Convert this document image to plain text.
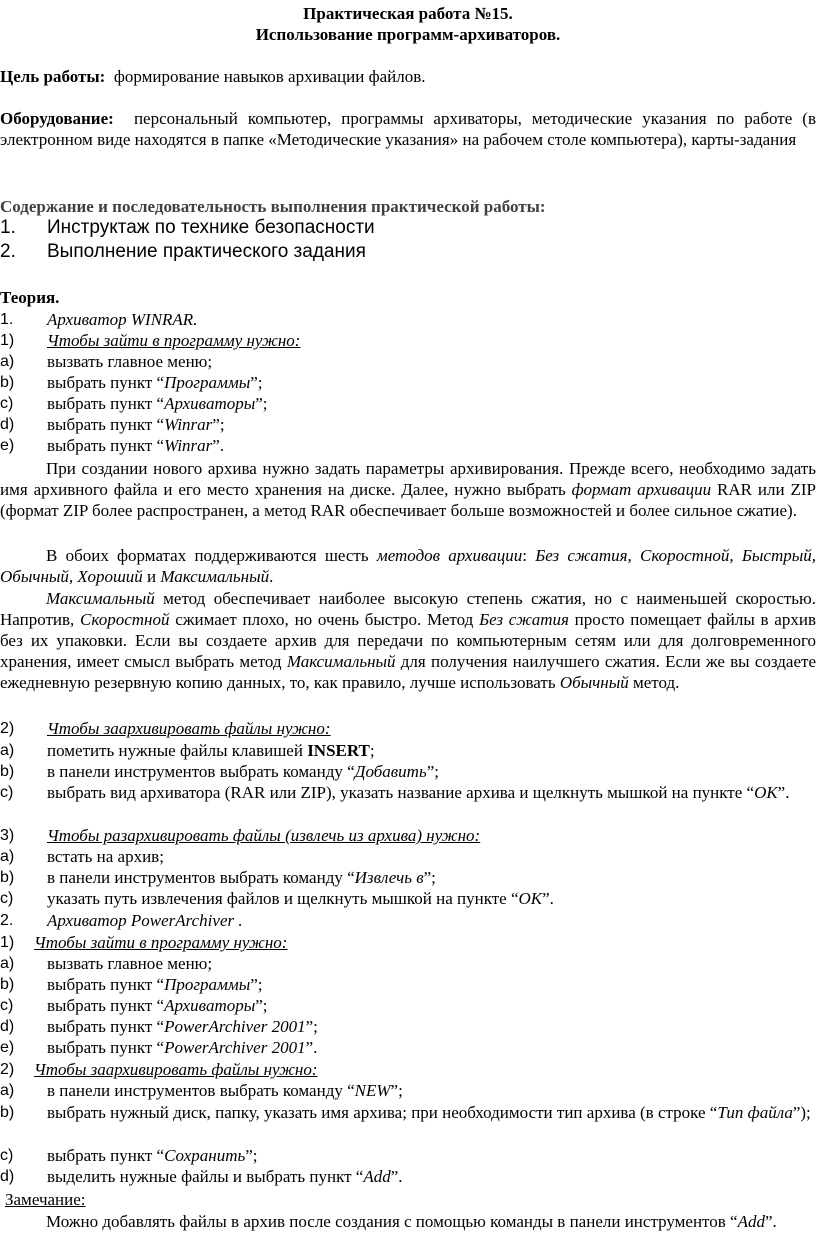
Практическая работа №15.
Использование программ-архиваторов.
Цель работы: формирование навыков архивации файлов.
Оборудование: персональный компьютер, программы архиваторы, методические указания по работе (в электронном виде находятся в папке «Методические указания» на рабочем столе компьютера), карты-задания
Содержание и последовательность выполнения практической работы:
1. Инструктаж по технике безопасности
2. Выполнение практического задания
Теория.
1. Архиватор WINRAR.
1) Чтобы зайти в программу нужно:
a) вызвать главное меню;
b) выбрать пункт “Программы”;
c) выбрать пункт “Архиваторы”;
d) выбрать пункт “Winrar”;
e) выбрать пункт “Winrar”.
При создании нового архива нужно задать параметры архивирования. Прежде всего, необходимо задать имя архивного файла и его место хранения на диске. Далее, нужно выбрать формат архивации RAR или ZIP (формат ZIP более распространен, а метод RAR обеспечивает больше возможностей и более сильное сжатие).
В обоих форматах поддерживаются шесть методов архивации: Без сжатия, Скоростной, Быстрый, Обычный, Хороший и Максимальный.
Максимальный метод обеспечивает наиболее высокую степень сжатия, но с наименьшей скоростью. Напротив, Скоростной сжимает плохо, но очень быстро. Метод Без сжатия просто помещает файлы в архив без их упаковки. Если вы создаете архив для передачи по компьютерным сетям или для долговременного хранения, имеет смысл выбрать метод Максимальный для получения наилучшего сжатия. Если же вы создаете ежедневную резервную копию данных, то, как правило, лучше использовать Обычный метод.
2) Чтобы заархивировать файлы нужно:
a) пометить нужные файлы клавишей INSERT;
b) в панели инструментов выбрать команду “Добавить”;
c) выбрать вид архиватора (RAR или ZIP), указать название архива и щелкнуть мышкой на пункте “ОК”.
3) Чтобы разархивировать файлы (извлечь из архива) нужно:
a) встать на архив;
b) в панели инструментов выбрать команду “Извлечь в”;
c) указать путь извлечения файлов и щелкнуть мышкой на пункте “ОК”.
2. Архиватор PowerArchiver .
1) Чтобы зайти в программу нужно:
a) вызвать главное меню;
b) выбрать пункт “Программы”;
c) выбрать пункт “Архиваторы”;
d) выбрать пункт “PowerArchiver 2001”;
e) выбрать пункт “PowerArchiver 2001”.
2) Чтобы заархивировать файлы нужно:
a) в панели инструментов выбрать команду “NEW”;
b) выбрать нужный диск, папку, указать имя архива; при необходимости тип архива (в строке “Тип файла”);
c) выбрать пункт “Сохранить”;
d) выделить нужные файлы и выбрать пункт “Add”.
Замечание:
Можно добавлять файлы в архив после создания с помощью команды в панели инструментов “Add”.
